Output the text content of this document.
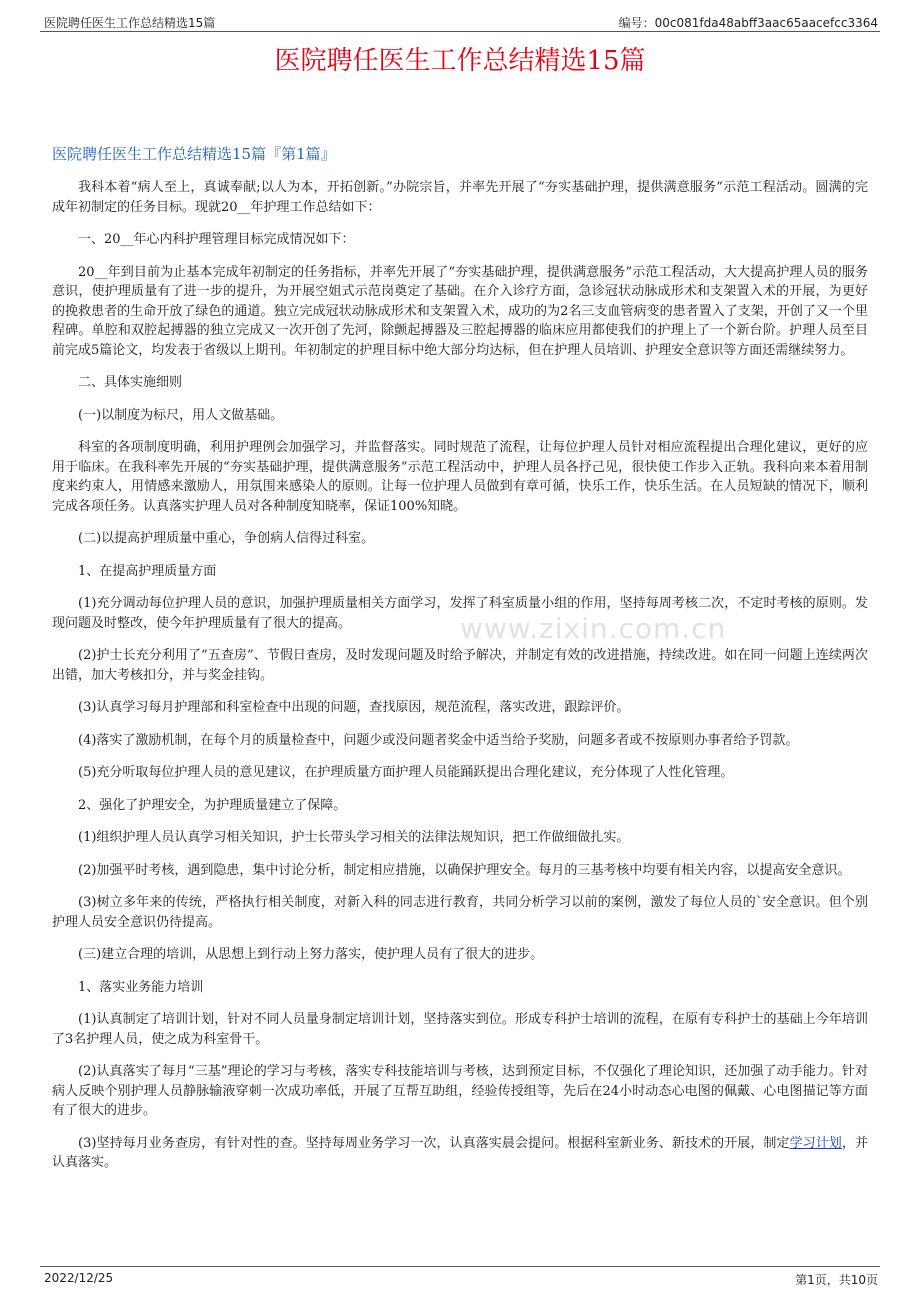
医院聘任医生工作总结精选15篇	编号：00c081fda48abff3aac65aacefcc3364
医院聘任医生工作总结精选15篇
www.zixin.com.cn
医院聘任医生工作总结精选15篇『第1篇』

我科本着“病人至上，真诚奉献;以人为本，开拓创新。”办院宗旨，并率先开展了“夯实基础护理，提供满意服务”示范工程活动。圆满的完成年初制定的任务目标。现就20__年护理工作总结如下：

一、20__年心内科护理管理目标完成情况如下：

20__年到目前为止基本完成年初制定的任务指标，并率先开展了“夯实基础护理，提供满意服务”示范工程活动，大大提高护理人员的服务意识，使护理质量有了进一步的提升，为开展空姐式示范岗奠定了基础。在介入诊疗方面，急诊冠状动脉成形术和支架置入术的开展，为更好的挽救患者的生命开放了绿色的通道。独立完成冠状动脉成形术和支架置入术，成功的为2名三支血管病变的患者置入了支架，开创了又一个里程碑。单腔和双腔起搏器的独立完成又一次开创了先河，除颤起搏器及三腔起搏器的临床应用都使我们的护理上了一个新台阶。护理人员至目前完成5篇论文，均发表于省级以上期刊。年初制定的护理目标中绝大部分均达标，但在护理人员培训、护理安全意识等方面还需继续努力。

二、具体实施细则

(一)以制度为标尺，用人文做基础。

科室的各项制度明确，利用护理例会加强学习，并监督落实。同时规范了流程，让每位护理人员针对相应流程提出合理化建议，更好的应用于临床。在我科率先开展的“夯实基础护理，提供满意服务”示范工程活动中，护理人员各抒己见，很快使工作步入正轨。我科向来本着用制度来约束人，用情感来激励人，用氛围来感染人的原则。让每一位护理人员做到有章可循，快乐工作，快乐生活。在人员短缺的情况下，顺利完成各项任务。认真落实护理人员对各种制度知晓率，保证100%知晓。

(二)以提高护理质量中重心，争创病人信得过科室。

1、在提高护理质量方面

(1)充分调动每位护理人员的意识，加强护理质量相关方面学习，发挥了科室质量小组的作用，坚持每周考核二次，不定时考核的原则。发现问题及时整改，使今年护理质量有了很大的提高。

(2)护士长充分利用了“五查房”、节假日查房，及时发现问题及时给予解决，并制定有效的改进措施，持续改进。如在同一问题上连续两次出错，加大考核扣分，并与奖金挂钩。

(3)认真学习每月护理部和科室检查中出现的问题，查找原因，规范流程，落实改进，跟踪评价。

(4)落实了激励机制，在每个月的质量检查中，问题少或没问题者奖金中适当给予奖励，问题多者或不按原则办事者给予罚款。

(5)充分听取每位护理人员的意见建议，在护理质量方面护理人员能踊跃提出合理化建议，充分体现了人性化管理。

2、强化了护理安全，为护理质量建立了保障。

(1)组织护理人员认真学习相关知识，护士长带头学习相关的法律法规知识，把工作做细做扎实。

(2)加强平时考核，遇到隐患，集中讨论分析，制定相应措施，以确保护理安全。每月的三基考核中均要有相关内容，以提高安全意识。

(3)树立多年来的传统，严格执行相关制度，对新入科的同志进行教育，共同分析学习以前的案例，激发了每位人员的`安全意识。但个别护理人员安全意识仍待提高。

(三)建立合理的培训，从思想上到行动上努力落实，使护理人员有了很大的进步。

1、落实业务能力培训

(1)认真制定了培训计划，针对不同人员量身制定培训计划，坚持落实到位。形成专科护士培训的流程，在原有专科护士的基础上今年培训了3名护理人员，使之成为科室骨干。

(2)认真落实了每月“三基”理论的学习与考核，落实专科技能培训与考核，达到预定目标，不仅强化了理论知识，还加强了动手能力。针对病人反映个别护理人员静脉输液穿刺一次成功率低，开展了互帮互助组，经验传授组等，先后在24小时动态心电图的佩戴、心电图描记等方面有了很大的进步。

(3)坚持每月业务查房，有针对性的查。坚持每周业务学习一次，认真落实晨会提问。根据科室新业务、新技术的开展，制定学习计划，并认真落实。

2022/12/25	第1页，共10页
